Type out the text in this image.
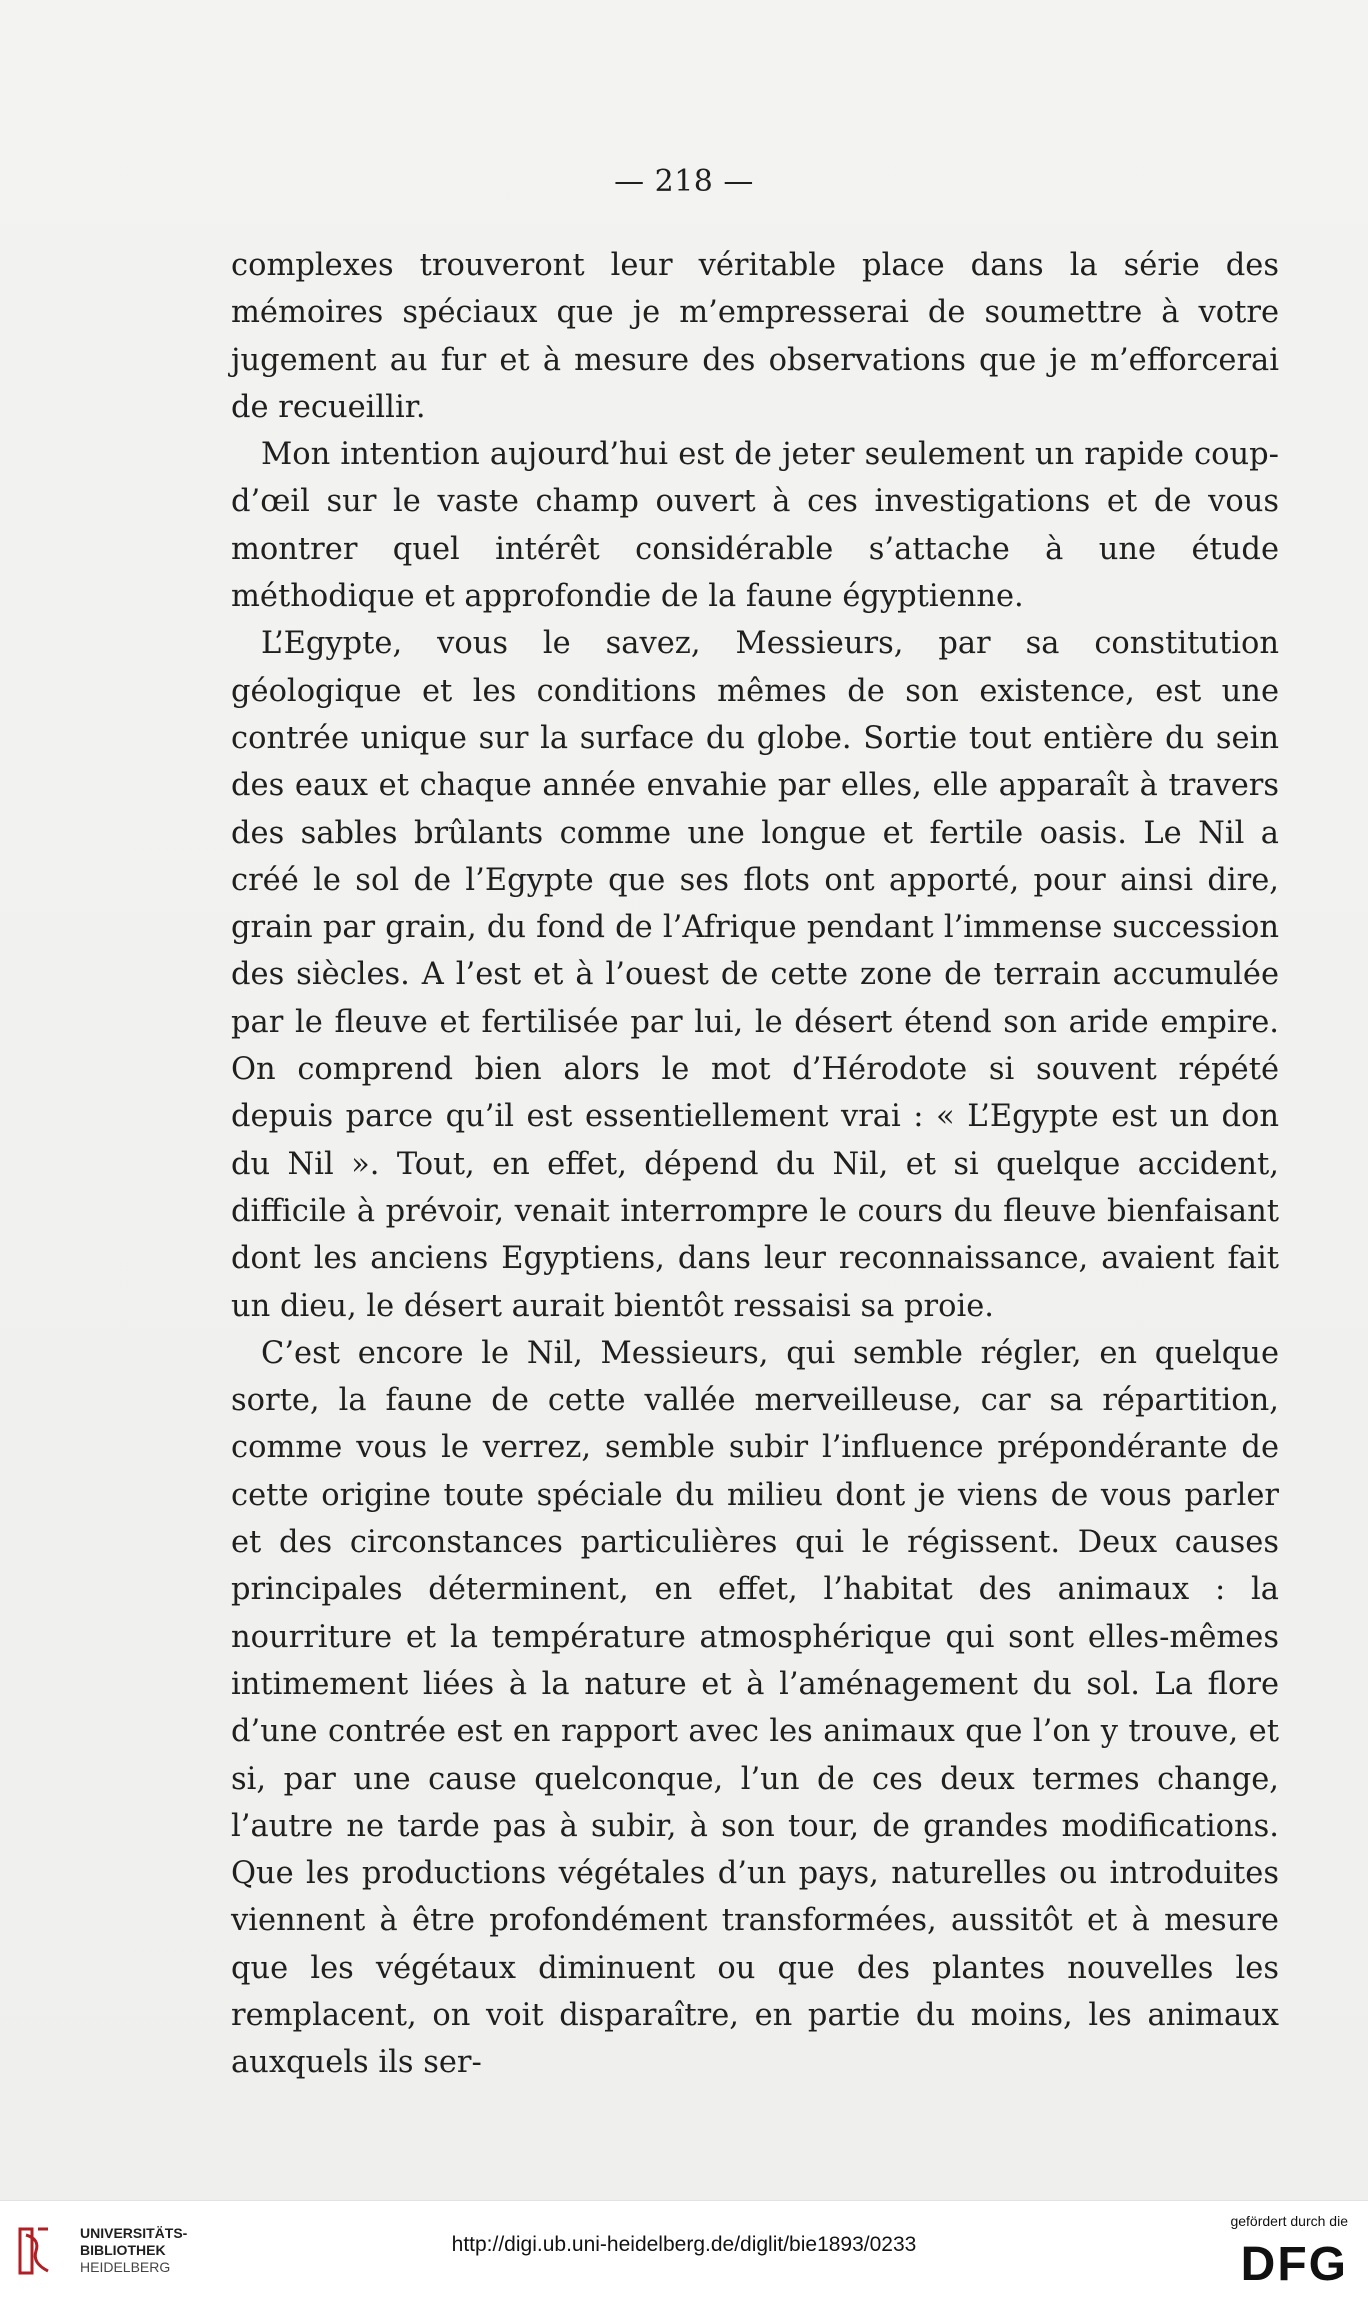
— 218 —

complexes trouveront leur véritable place dans la série des mémoires spéciaux que je m’empresserai de soumettre à votre jugement au fur et à mesure des observations que je m’efforcerai de recueillir.

Mon intention aujourd’hui est de jeter seulement un rapide coup-d’œil sur le vaste champ ouvert à ces investigations et de vous montrer quel intérêt considérable s’attache à une étude méthodique et approfondie de la faune égyptienne.

L’Egypte, vous le savez, Messieurs, par sa constitution géologique et les conditions mêmes de son existence, est une contrée unique sur la surface du globe. Sortie tout entière du sein des eaux et chaque année envahie par elles, elle apparaît à travers des sables brûlants comme une longue et fertile oasis. Le Nil a créé le sol de l’Egypte que ses flots ont apporté, pour ainsi dire, grain par grain, du fond de l’Afrique pendant l’immense succession des siècles. A l’est et à l’ouest de cette zone de terrain accumulée par le fleuve et fertilisée par lui, le désert étend son aride empire. On comprend bien alors le mot d’Hérodote si souvent répété depuis parce qu’il est essentiellement vrai : « L’Egypte est un don du Nil ». Tout, en effet, dépend du Nil, et si quelque accident, difficile à prévoir, venait interrompre le cours du fleuve bienfaisant dont les anciens Egyptiens, dans leur reconnaissance, avaient fait un dieu, le désert aurait bientôt ressaisi sa proie.

C’est encore le Nil, Messieurs, qui semble régler, en quelque sorte, la faune de cette vallée merveilleuse, car sa répartition, comme vous le verrez, semble subir l’influence prépondérante de cette origine toute spéciale du milieu dont je viens de vous parler et des circonstances particulières qui le régissent. Deux causes principales déterminent, en effet, l’habitat des animaux : la nourriture et la température atmosphérique qui sont elles-mêmes intimement liées à la nature et à l’aménagement du sol. La flore d’une contrée est en rapport avec les animaux que l’on y trouve, et si, par une cause quelconque, l’un de ces deux termes change, l’autre ne tarde pas à subir, à son tour, de grandes modifications. Que les productions végétales d’un pays, naturelles ou introduites viennent à être profondément transformées, aussitôt et à mesure que les végétaux diminuent ou que des plantes nouvelles les remplacent, on voit disparaître, en partie du moins, les animaux auxquels ils ser-

UNIVERSITÄTS-
BIBLIOTHEK
HEIDELBERG
http://digi.ub.uni-heidelberg.de/diglit/bie1893/0233
gefördert durch die
DFG
